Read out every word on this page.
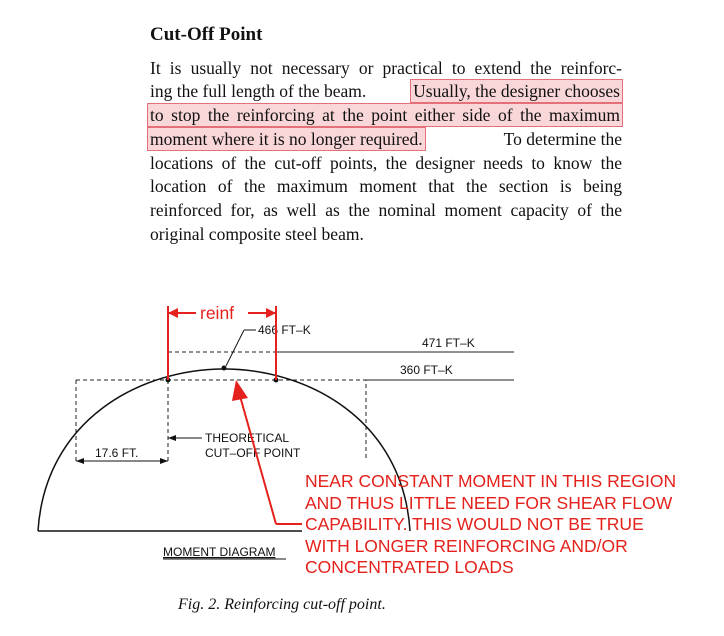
Cut-Off Point
It is usually not necessary or practical to extend the reinforc-
ing the full length of the beam.	Usually, the designer chooses
to stop the reinforcing at the point either side of the maximum
moment where it is no longer required.	To determine the
locations of the cut-off points, the designer needs to know the
location of the maximum moment that the section is being
reinforced for, as well as the nominal moment capacity of the
original composite steel beam.
466 FT–K
471 FT–K
360 FT–K
THEORETICAL
CUT–OFF POINT
17.6 FT.
MOMENT DIAGRAM
reinf
NEAR CONSTANT MOMENT IN THIS REGION
AND THUS LITTLE NEED FOR SHEAR FLOW
CAPABILITY. THIS WOULD NOT BE TRUE
WITH LONGER REINFORCING AND/OR
CONCENTRATED LOADS
Fig. 2. Reinforcing cut-off point.
